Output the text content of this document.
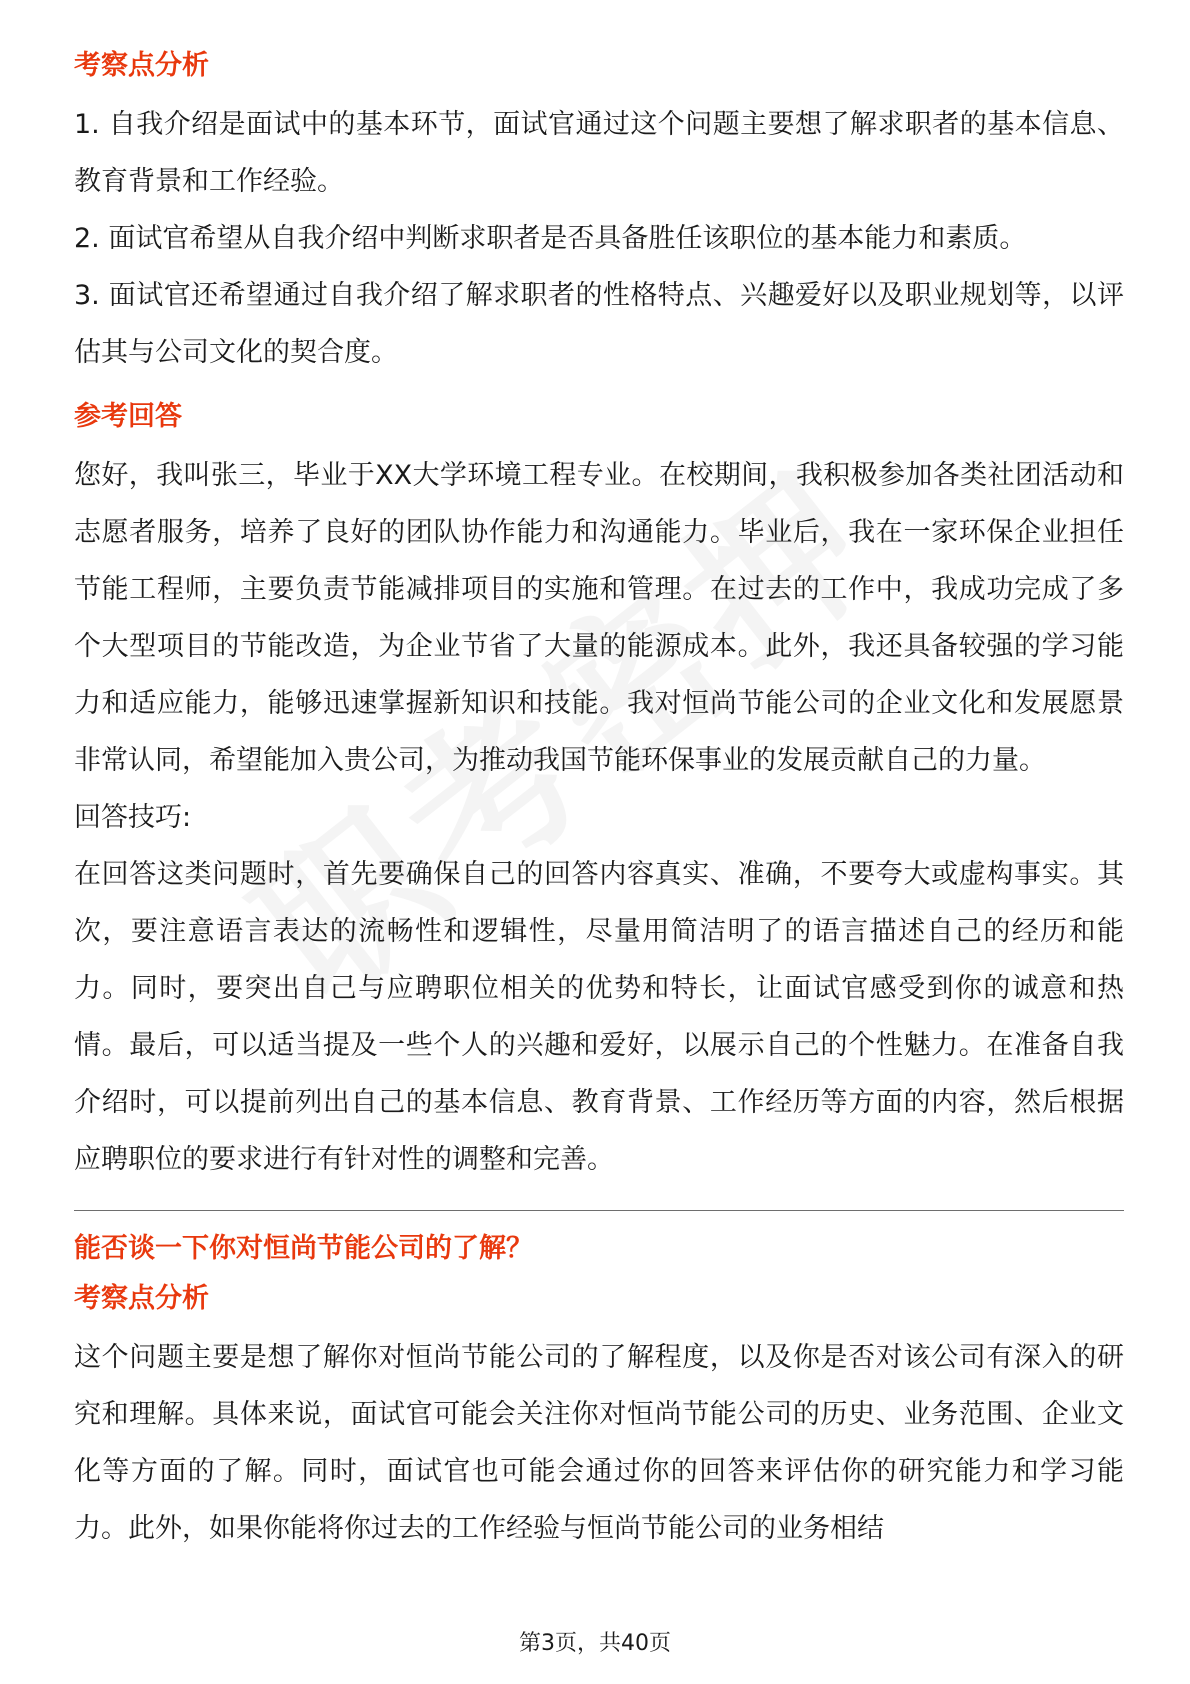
考察点分析

1. 自我介绍是面试中的基本环节，面试官通过这个问题主要想了解求职者的基本信息、教育背景和工作经验。

2. 面试官希望从自我介绍中判断求职者是否具备胜任该职位的基本能力和素质。

3. 面试官还希望通过自我介绍了解求职者的性格特点、兴趣爱好以及职业规划等，以评估其与公司文化的契合度。

参考回答

您好，我叫张三，毕业于XX大学环境工程专业。在校期间，我积极参加各类社团活动和志愿者服务，培养了良好的团队协作能力和沟通能力。毕业后，我在一家环保企业担任节能工程师，主要负责节能减排项目的实施和管理。在过去的工作中，我成功完成了多个大型项目的节能改造，为企业节省了大量的能源成本。此外，我还具备较强的学习能力和适应能力，能够迅速掌握新知识和技能。我对恒尚节能公司的企业文化和发展愿景非常认同，希望能加入贵公司，为推动我国节能环保事业的发展贡献自己的力量。

回答技巧:

在回答这类问题时，首先要确保自己的回答内容真实、准确，不要夸大或虚构事实。其次，要注意语言表达的流畅性和逻辑性，尽量用简洁明了的语言描述自己的经历和能力。同时，要突出自己与应聘职位相关的优势和特长，让面试官感受到你的诚意和热情。最后，可以适当提及一些个人的兴趣和爱好，以展示自己的个性魅力。在准备自我介绍时，可以提前列出自己的基本信息、教育背景、工作经历等方面的内容，然后根据应聘职位的要求进行有针对性的调整和完善。

能否谈一下你对恒尚节能公司的了解？
考察点分析

这个问题主要是想了解你对恒尚节能公司的了解程度，以及你是否对该公司有深入的研究和理解。具体来说，面试官可能会关注你对恒尚节能公司的历史、业务范围、企业文化等方面的了解。同时，面试官也可能会通过你的回答来评估你的研究能力和学习能力。此外，如果你能将你过去的工作经验与恒尚节能公司的业务相结

第3页，共40页
